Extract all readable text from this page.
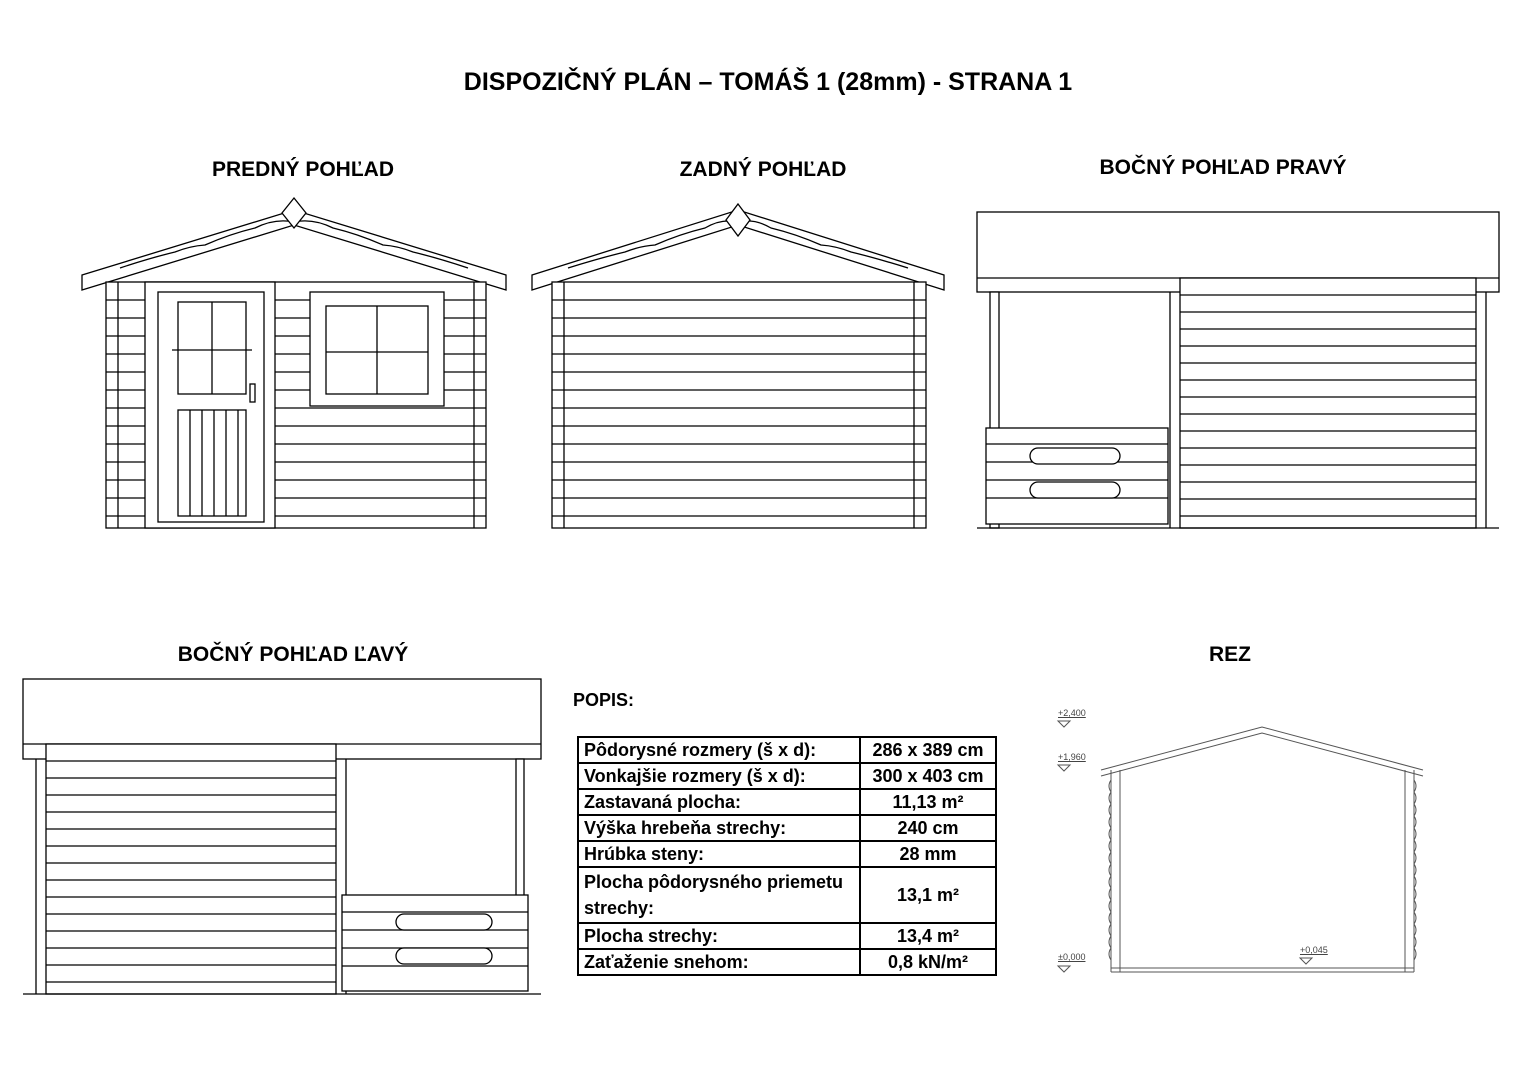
DISPOZIČNÝ PLÁN – TOMÁŠ 1 (28mm) - STRANA 1
PREDNÝ POHĽAD	ZADNÝ POHĽAD	BOČNÝ POHĽAD PRAVÝ
BOČNÝ POHĽAD ĽAVÝ	REZ
+2,400
+1,960
±0,000
+0,045
POPIS:
Pôdorysné rozmery (š x d):	286 x 389 cm
Vonkajšie rozmery (š x d):	300 x 403 cm
Zastavaná plocha:	11,13 m²
Výška hrebeňa strechy:	240 cm
Hrúbka steny:	28 mm
Plocha pôdorysného priemetu strechy:	13,1 m²
Plocha strechy:	13,4 m²
Zaťaženie snehom:	0,8 kN/m²
